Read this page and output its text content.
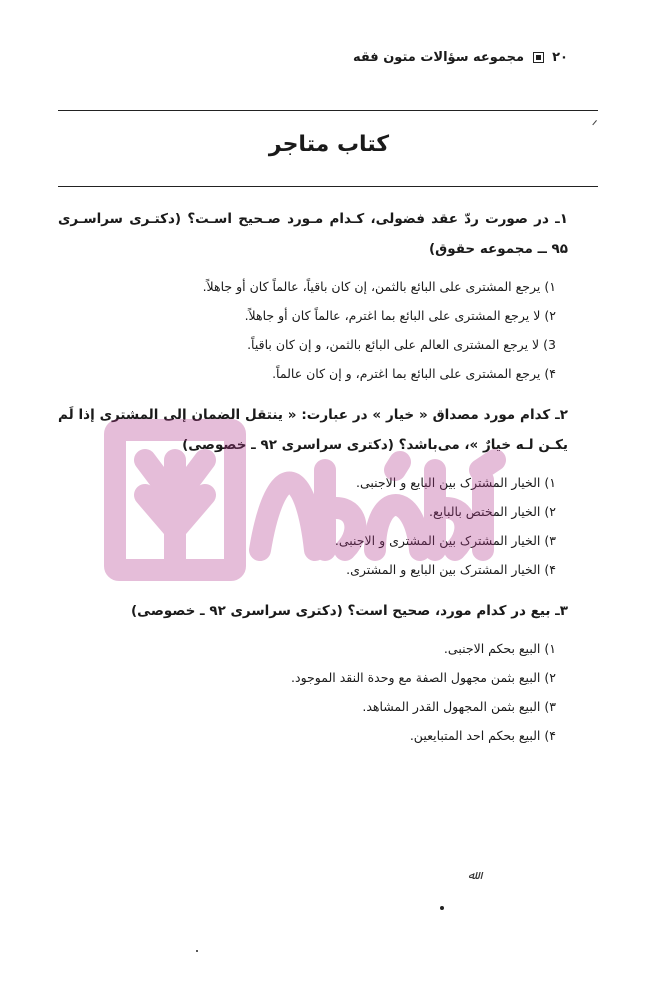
۲۰  مجموعه سؤالات متون فقه
کتاب متاجر

۱ـ در صورت ردّ عقد فضولی، کـدام مـورد صـحیح اسـت؟ (دکتـری سراسـری ۹۵ ــ مجموعه حقوق)

۱)یرجع المشتری علی البائع بالثمن، إن کان باقیاً، عالماً کان أو جاهلاً.
۲)لا یرجع المشتری علی البائع بما اغترم، عالماً کان أو جاهلاً.
3)لا یرجع المشتری العالم علی البائع بالثمن، و إن کان باقیاً.
۴)یرجع المشتری علی البائع بما اغترم، و إن کان عالماً.

۲ـ کدام مورد مصداق « خیار » در عبارت: « ینتقل الضمان إلی المشتری إذا لَم یکـن لـه خیارٌ »، می‌باشد؟ (دکتری سراسری ۹۲ ـ خصوصی)

۱)الخیار المشترک بین البایع و الاجنبی.
۲)الخیار المختص بالبایع.
۳)الخیار المشترک بین المشتری و الاجنبی.
۴)الخیار المشترک بین البایع و المشتری.

۳ـ بیع در کدام مورد، صحیح است؟ (دکتری سراسری ۹۲ ـ خصوصی)

۱)البیع بحکم الاجنبی.
۲)البیع بثمن مجهول الصفة مع وحدة النقد الموجود.
۳)البیع بثمن المجهول القدر المشاهد.
۴)البیع بحکم احد المتبایعین.
ﷲ
